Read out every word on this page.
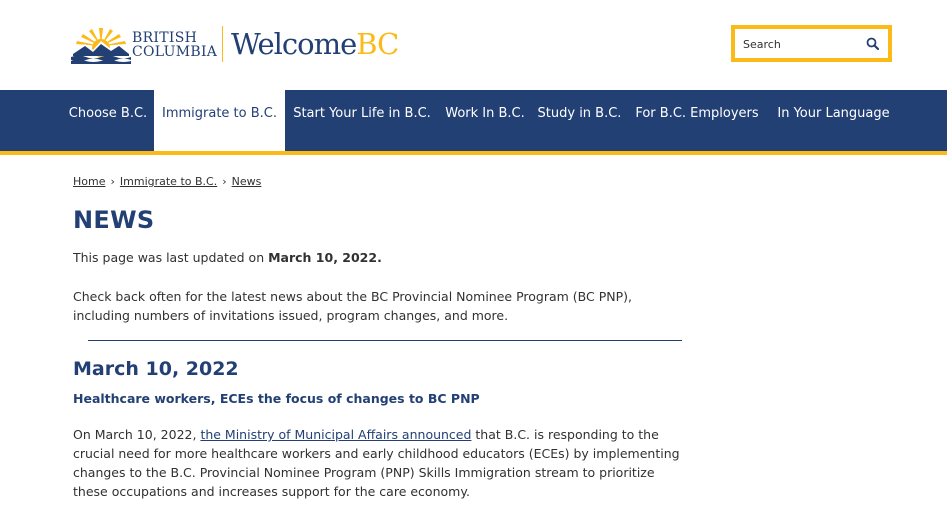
BRITISH
COLUMBIA WelcomeBC
Search
Choose B.C.	Immigrate to B.C.	Start Your Life in B.C.	Work In B.C. Study in B.C.	For B.C. Employers	In Your Language
Home › Immigrate to B.C. › News
NEWS

This page was last updated on March 10, 2022.

Check back often for the latest news about the BC Provincial Nominee Program (BC PNP), including numbers of invitations issued, program changes, and more.

March 10, 2022
Healthcare workers, ECEs the focus of changes to BC PNP

On March 10, 2022, the Ministry of Municipal Affairs announced that B.C. is responding to the crucial need for more healthcare workers and early childhood educators (ECEs) by implementing changes to the B.C. Provincial Nominee Program (PNP) Skills Immigration stream to prioritize these occupations and increases support for the care economy.
